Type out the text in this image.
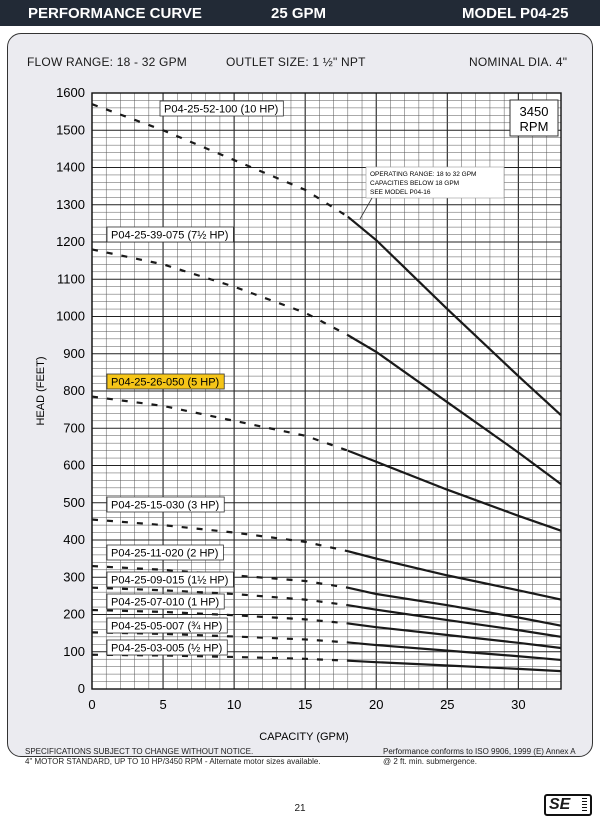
PERFORMANCE CURVE	25 GPM	MODEL P04-25
FLOW RANGE: 18 - 32 GPM	OUTLET SIZE: 1 ½" NPT	NOMINAL DIA. 4"
0
100
200
300
400
500
600
700
800
900
1000
1100
1200
1300
1400
1500
1600
0	5	10	15	20	25	30
P04-25-52-100 (10 HP)
P04-25-39-075 (7½ HP)
P04-25-26-050 (5 HP)
P04-25-15-030 (3 HP)
P04-25-11-020 (2 HP)
P04-25-09-015 (1½ HP)
P04-25-07-010 (1 HP)
P04-25-05-007 (¾ HP)
P04-25-03-005 (½ HP)
3450
RPM
OPERATING RANGE: 18 to 32 GPM
CAPACITIES BELOW 18 GPM
SEE MODEL P04-16
CAPACITY (GPM)
HEAD (FEET)
SPECIFICATIONS SUBJECT TO CHANGE WITHOUT NOTICE.
4" MOTOR STANDARD, UP TO 10 HP/3450 RPM - Alternate motor sizes available.
Performance conforms to ISO 9906, 1999 (E) Annex A
@ 2 ft. min. submergence.
21	SE
